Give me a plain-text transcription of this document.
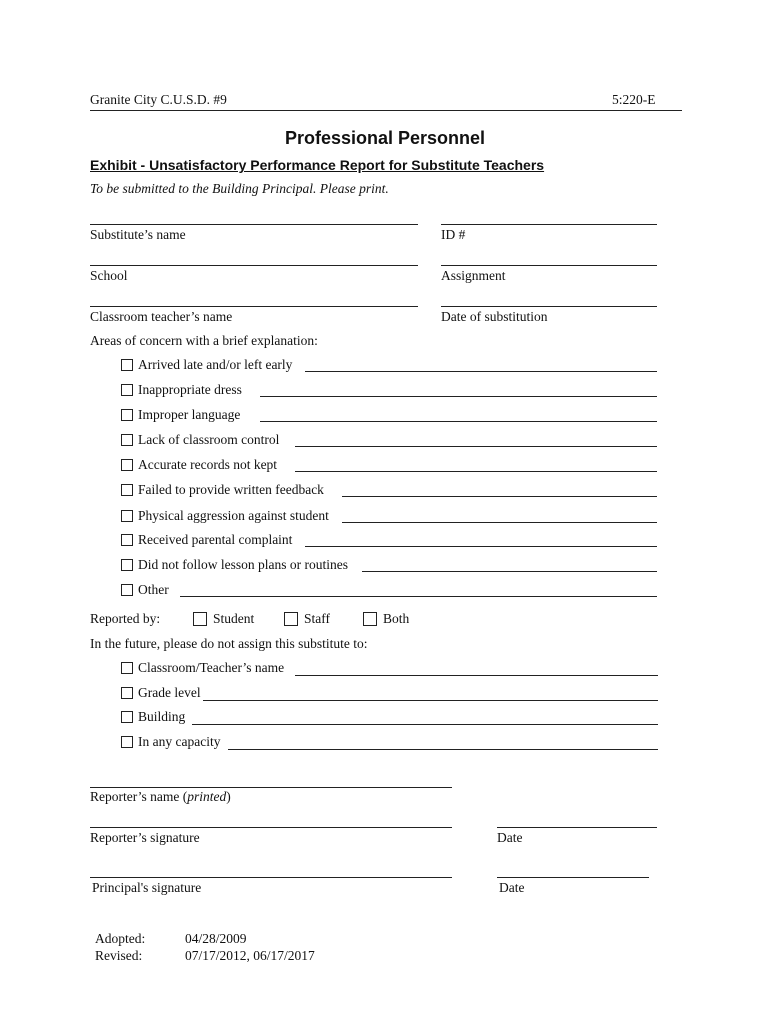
Granite City C.U.S.D. #9	5:220-E
Professional Personnel
Exhibit - Unsatisfactory Performance Report for Substitute Teachers
To be submitted to the Building Principal. Please print.
Substitute’s name	ID #
School	Assignment
Classroom teacher’s name	Date of substitution
Areas of concern with a brief explanation:
Arrived late and/or left early
Inappropriate dress
Improper language
Lack of classroom control
Accurate records not kept
Failed to provide written feedback
Physical aggression against student
Received parental complaint
Did not follow lesson plans or routines
Other
Reported by:	Student	Staff	Both
In the future, please do not assign this substitute to:
Classroom/Teacher’s name
Grade level
Building
In any capacity
Reporter’s name (printed)
Reporter’s signature	Date
Principal's signature	Date
Adopted:	04/28/2009
Revised:	07/17/2012, 06/17/2017
